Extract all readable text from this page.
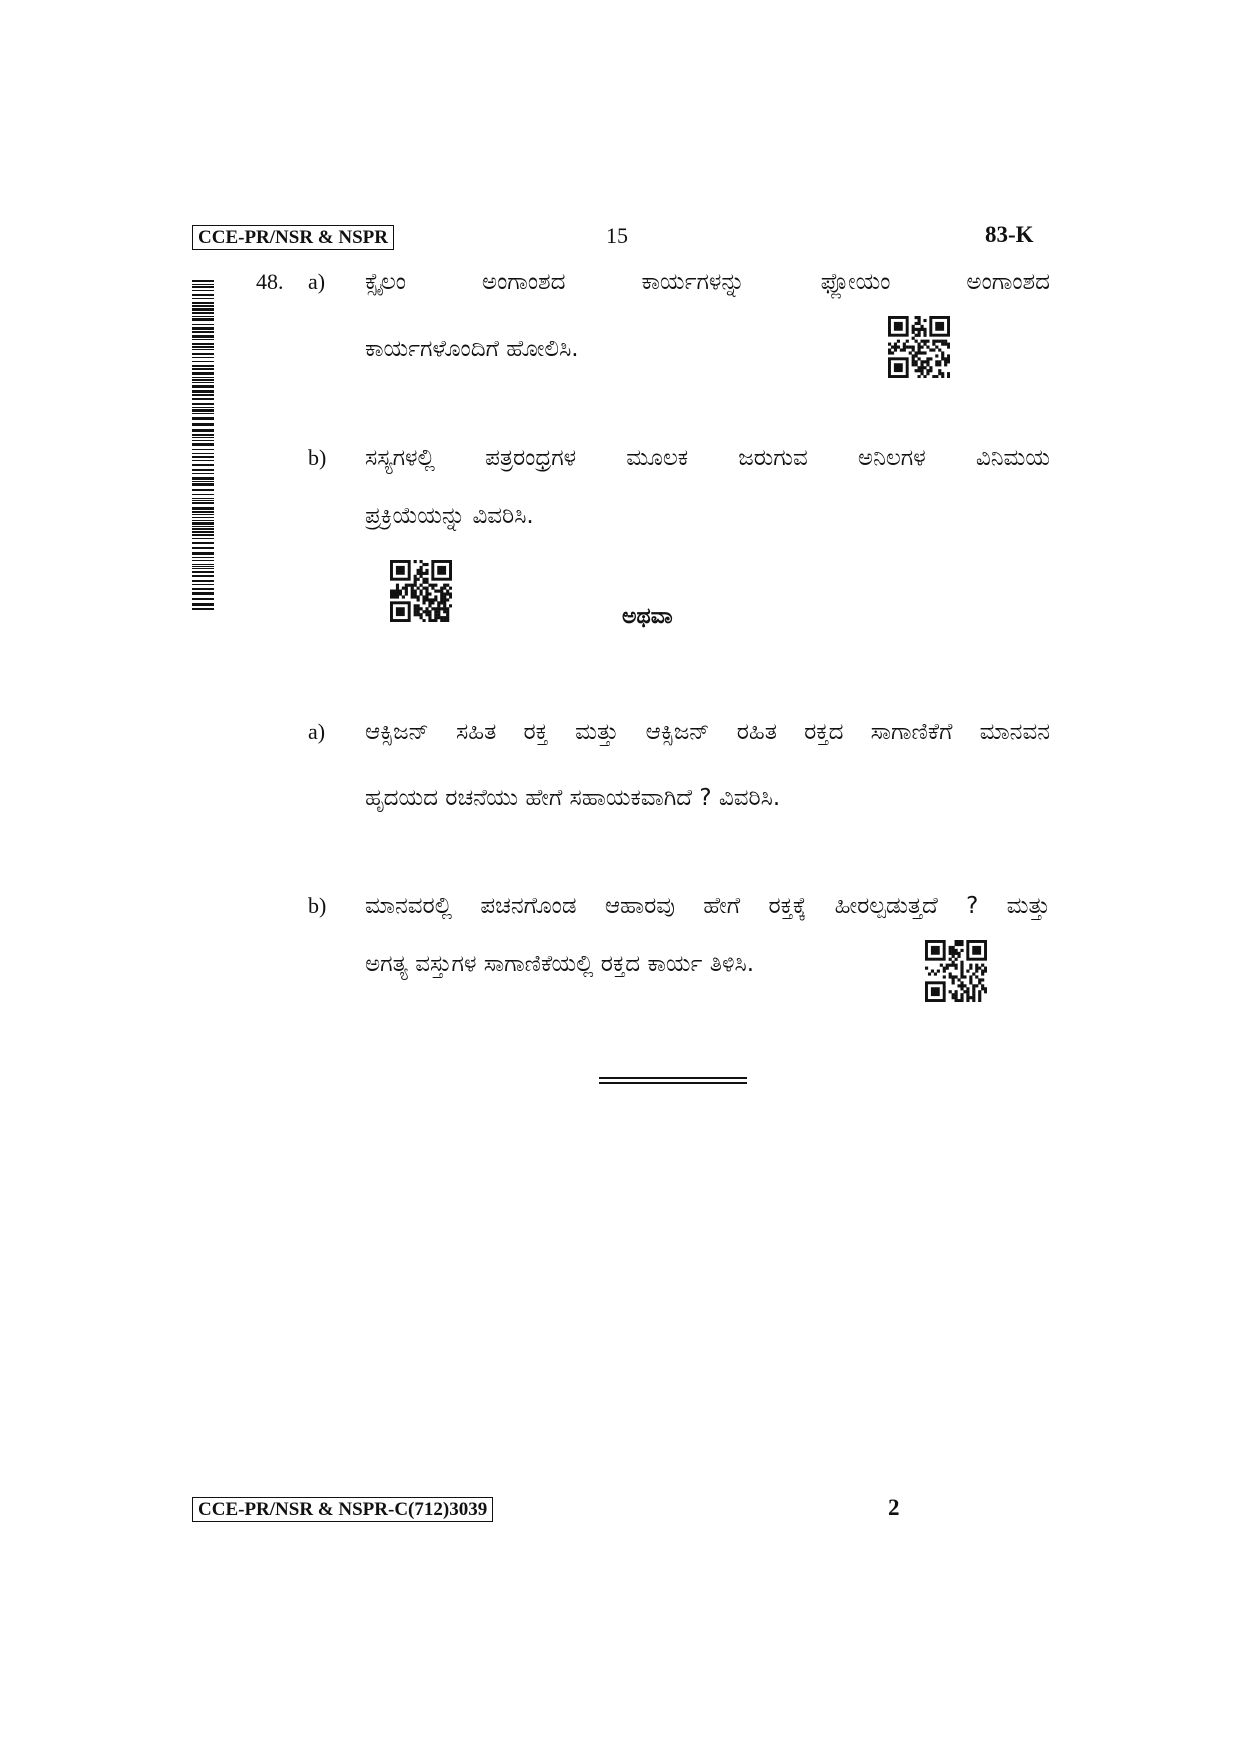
CCE-PR/NSR & NSPR	15	83-K
48. a) ಕ್ಸೈಲಂ ಅಂಗಾಂಶದ ಕಾರ್ಯಗಳನ್ನು ಫ್ಲೋಯಂ ಅಂಗಾಂಶದ
ಕಾರ್ಯಗಳೊಂದಿಗೆ ಹೋಲಿಸಿ.
b) ಸಸ್ಯಗಳಲ್ಲಿ ಪತ್ರರಂಧ್ರಗಳ ಮೂಲಕ ಜರುಗುವ ಅನಿಲಗಳ ವಿನಿಮಯ
ಪ್ರಕ್ರಿಯೆಯನ್ನು ವಿವರಿಸಿ.
ಅಥವಾ
a) ಆಕ್ಸಿಜನ್ ಸಹಿತ ರಕ್ತ ಮತ್ತು ಆಕ್ಸಿಜನ್ ರಹಿತ ರಕ್ತದ ಸಾಗಾಣಿಕೆಗೆ ಮಾನವನ
ಹೃದಯದ ರಚನೆಯು ಹೇಗೆ ಸಹಾಯಕವಾಗಿದೆ ? ವಿವರಿಸಿ.
b) ಮಾನವರಲ್ಲಿ ಪಚನಗೊಂಡ ಆಹಾರವು ಹೇಗೆ ರಕ್ತಕ್ಕೆ ಹೀರಲ್ಪಡುತ್ತದೆ ? ಮತ್ತು
ಅಗತ್ಯ ವಸ್ತುಗಳ ಸಾಗಾಣಿಕೆಯಲ್ಲಿ ರಕ್ತದ ಕಾರ್ಯ ತಿಳಿಸಿ.
CCE-PR/NSR & NSPR-C(712)3039	2
